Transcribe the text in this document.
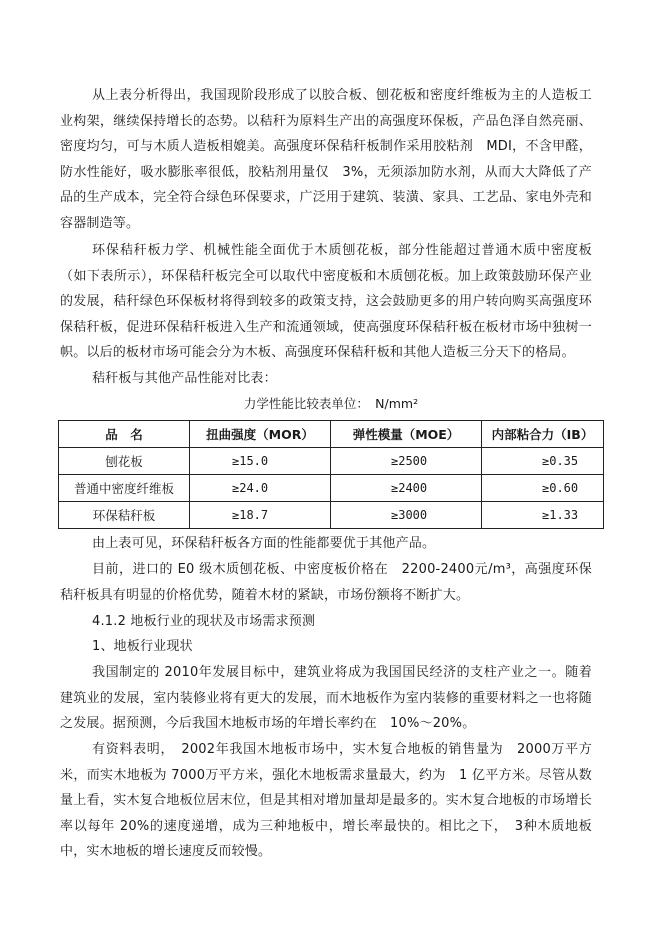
从上表分析得出，我国现阶段形成了以胶合板、刨花板和密度纤维板为主的人造板工业构架，继续保持增长的态势。以秸秆为原料生产出的高强度环保板，产品色泽自然亮丽、密度均匀，可与木质人造板相媲美。高强度环保秸秆板制作采用胶粘剂　MDI，不含甲醛，防水性能好，吸水膨胀率很低，胶粘剂用量仅　3%，无须添加防水剂，从而大大降低了产品的生产成本，完全符合绿色环保要求，广泛用于建筑、装潢、家具、工艺品、家电外壳和容器制造等。

环保秸秆板力学、机械性能全面优于木质刨花板，部分性能超过普通木质中密度板　（如下表所示），环保秸秆板完全可以取代中密度板和木质刨花板。加上政策鼓励环保产业的发展，秸秆绿色环保板材将得到较多的政策支持，这会鼓励更多的用户转向购买高强度环保秸秆板，促进环保秸秆板进入生产和流通领域，使高强度环保秸秆板在板材市场中独树一帜。以后的板材市场可能会分为木板、高强度环保秸秆板和其他人造板三分天下的格局。

秸秆板与其他产品性能对比表：

力学性能比较表单位：　N/mm²

品　名	扭曲强度（MOR）	弹性模量（MOE）	内部粘合力（IB）
刨花板	≥15.0	≥2500	≥0.35
普通中密度纤维板	≥24.0	≥2400	≥0.60
环保秸秆板	≥18.7	≥3000	≥1.33

由上表可见，环保秸秆板各方面的性能都要优于其他产品。

目前，进口的 E0 级木质刨花板、中密度板价格在　2200-2400元/m³，高强度环保秸秆板具有明显的价格优势，随着木材的紧缺，市场份额将不断扩大。

4.1.2 地板行业的现状及市场需求预测

1、地板行业现状

我国制定的 2010年发展目标中，建筑业将成为我国国民经济的支柱产业之一。随着建筑业的发展，室内装修业将有更大的发展，而木地板作为室内装修的重要材料之一也将随之发展。据预测，今后我国木地板市场的年增长率约在　10%～20%。

有资料表明，　2002年我国木地板市场中，实木复合地板的销售量为　2000万平方米，而实木地板为 7000万平方米，强化木地板需求量最大，约为　1 亿平方米。尽管从数量上看，实木复合地板位居末位，但是其相对增加量却是最多的。实木复合地板的市场增长率以每年 20%的速度递增，成为三种地板中，增长率最快的。相比之下，　3种木质地板中，实木地板的增长速度反而较慢。
